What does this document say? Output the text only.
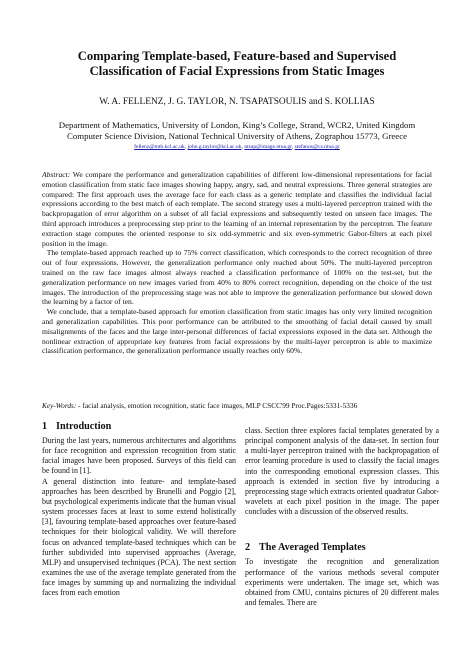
Comparing Template-based, Feature-based and Supervised
Classification of Facial Expressions from Static Images
W. A. FELLENZ, J. G. TAYLOR, N. TSAPATSOULIS and S. KOLLIAS
Department of Mathematics, University of London, King’s College, Strand, WCR2, United Kingdom
Computer Science Division, National Technical University of Athens, Zographou 15773, Greece
fellenz@mth.kcl.ac.uk, john.g.taylor@kcl.ac.uk, ntsap@image.ntua.gr, stefanos@cs.ntua.gr

Abstract: We compare the performance and generalization capabilities of different low-dimensional representations for facial emotion classification from static face images showing happy, angry, sad, and neutral expressions. Three general strategies are compared: The first approach uses the average face for each class as a generic template and classifies the individual facial expressions according to the best match of each template. The second strategy uses a multi-layered perceptron trained with the backpropagation of error algorithm on a subset of all facial expressions and subsequently tested on unseen face images. The third approach introduces a preprocessing step prior to the learning of an internal representation by the perceptron. The feature extraction stage computes the oriented response to six odd-symmetric and six even-symmetric Gabor-filters at each pixel position in the image.

The template-based approach reached up to 75% correct classification, which corresponds to the correct recognition of three out of four expressions. However, the generalization performance only reached about 50%. The multi-layered perceptron trained on the raw face images almost always reached a classification performance of 100% on the test-set, but the generalization performance on new images varied from 40% to 80% correct recognition, depending on the choice of the test images. The introduction of the preprocessing stage was not able to improve the generalization performance but slowed down the learning by a factor of ten.

We conclude, that a template-based approach for emotion classification from static images has only very limited recognition and generalization capabilities. This poor performance can be attributed to the smoothing of facial detail caused by small misalignments of the faces and the large inter-personal differences of facial expressions exposed in the data set. Although the nonlinear extraction of appropriate key features from facial expressions by the multi-layer perceptron is able to maximize classification performance, the generalization performance usually reaches only 60%.

Key-Words: - facial analysis, emotion recognition, static face images, MLP CSCC'99 Proc.Pages:5331-5336
1 Introduction

During the last years, numerous architectures and algorithms for face recognition and expression recognition from static facial images have been proposed. Surveys of this field can be found in [1].

A general distinction into feature- and template-based approaches has been described by Brunelli and Poggio [2], but psychological experiments indicate that the human visual system processes faces at least to some extend holistically [3], favouring template-based approaches over feature-based techniques for their biological validity. We will therefore focus on advanced template-based techniques which can be further subdivided into supervised approaches (Average, MLP) and unsupervised techniques (PCA). The next section examines the use of the average template generated from the face images by summing up and normalizing the individual faces from each emotion

class. Section three explores facial templates generated by a principal component analysis of the data-set. In section four a multi-layer perceptron trained with the backpropagation of error learning procedure is used to classify the facial images into the corresponding emotional expression classes. This approach is extended in section five by introducing a preprocessing stage which extracts oriented quadratur Gabor-wavelets at each pixel position in the image. The paper concludes with a discussion of the observed results.

2 The Averaged Templates

To investigate the recognition and generalization performance of the various methods several computer experiments were undertaken. The image set, which was obtained from CMU, contains pictures of 20 different males and females. There are
